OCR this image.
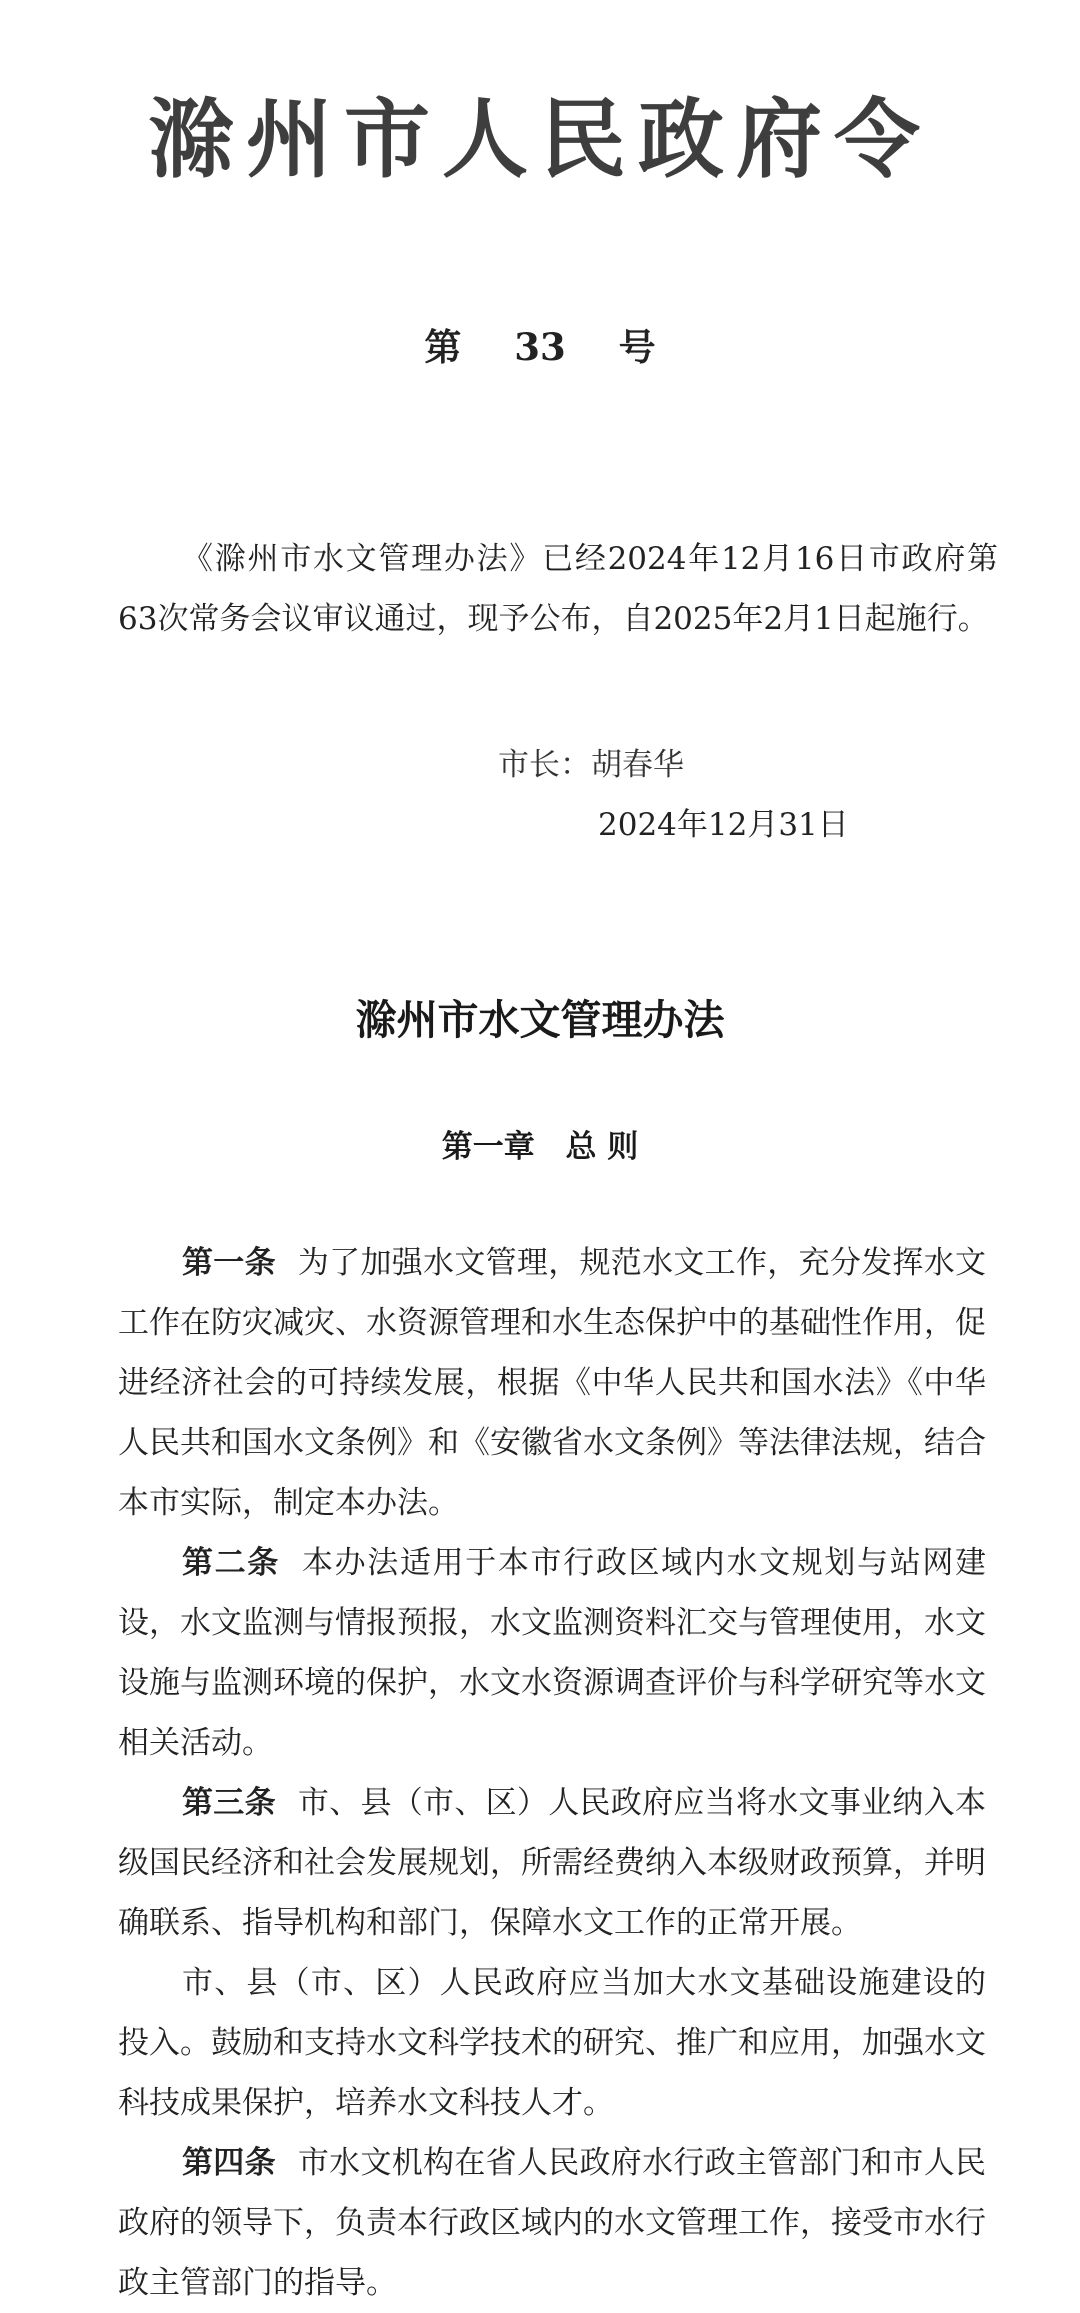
滁州市人民政府令
第 33 号

《滁州市水文管理办法》已经2024年12月16日市政府第63次常务会议审议通过，现予公布，自2025年2月1日起施行。

市长：胡春华
2024年12月31日
滁州市水文管理办法
第一章 总 则

第一条 为了加强水文管理，规范水文工作，充分发挥水文工作在防灾减灾、水资源管理和水生态保护中的基础性作用，促进经济社会的可持续发展，根据《中华人民共和国水法》《中华人民共和国水文条例》和《安徽省水文条例》等法律法规，结合本市实际，制定本办法。

第二条 本办法适用于本市行政区域内水文规划与站网建设，水文监测与情报预报，水文监测资料汇交与管理使用，水文设施与监测环境的保护，水文水资源调查评价与科学研究等水文相关活动。

第三条 市、县（市、区）人民政府应当将水文事业纳入本级国民经济和社会发展规划，所需经费纳入本级财政预算，并明确联系、指导机构和部门，保障水文工作的正常开展。

市、县（市、区）人民政府应当加大水文基础设施建设的投入。鼓励和支持水文科学技术的研究、推广和应用，加强水文科技成果保护，培养水文科技人才。

第四条 市水文机构在省人民政府水行政主管部门和市人民政府的领导下，负责本行政区域内的水文管理工作，接受市水行政主管部门的指导。
